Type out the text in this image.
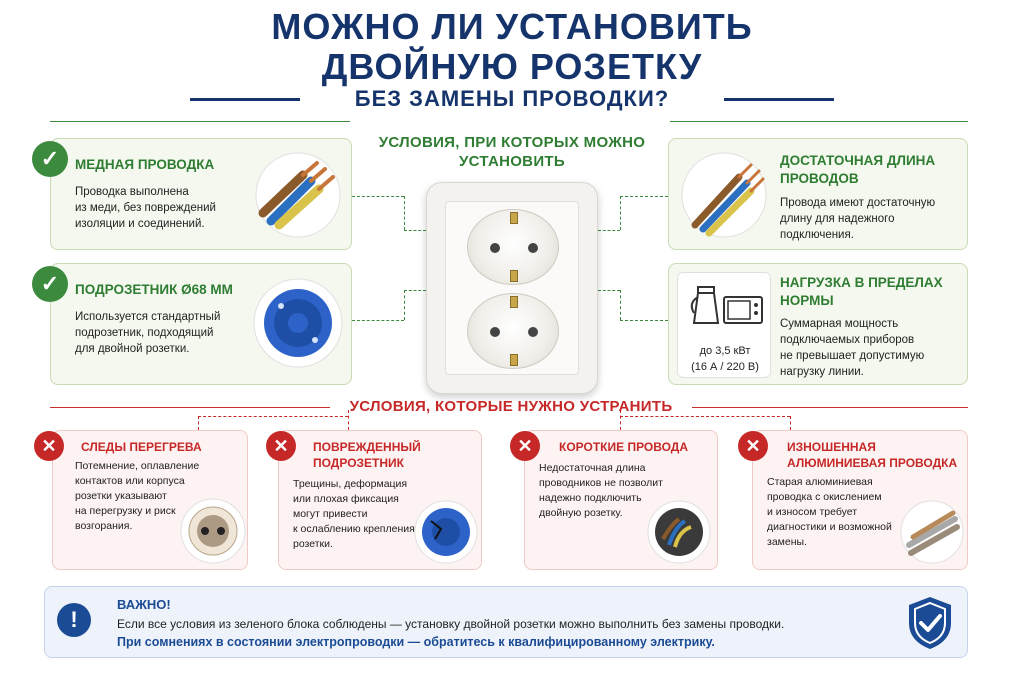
МОЖНО ЛИ УСТАНОВИТЬ
ДВОЙНУЮ РОЗЕТКУ
БЕЗ ЗАМЕНЫ ПРОВОДКИ?
УСЛОВИЯ, ПРИ КОТОРЫХ МОЖНО
УСТАНОВИТЬ
МЕДНАЯ ПРОВОДКА
Проводка выполнена
из меди, без повреждений
изоляции и соединений.
✓
ПОДРОЗЕТНИК Ø68 ММ
Используется стандартный
подрозетник, подходящий
для двойной розетки.
✓
ДОСТАТОЧНАЯ ДЛИНА
ПРОВОДОВ
Провода имеют достаточную
длину для надежного
подключения.
до 3,5 кВт
(16 А / 220 В)
НАГРУЗКА В ПРЕДЕЛАХ
НОРМЫ
Суммарная мощность
подключаемых приборов
не превышает допустимую
нагрузку линии.
УСЛОВИЯ, КОТОРЫЕ НУЖНО УСТРАНИТЬ
СЛЕДЫ ПЕРЕГРЕВА
Потемнение, оплавление
контактов или корпуса
розетки указывают
на перегрузку и риск
возгорания.
✕	ПОВРЕЖДЕННЫЙ
ПОДРОЗЕТНИК
Трещины, деформация
или плохая фиксация
могут привести
к ослаблению крепления
розетки.
✕	КОРОТКИЕ ПРОВОДА
Недостаточная длина
проводников не позволит
надежно подключить
двойную розетку.
✕	ИЗНОШЕННАЯ
АЛЮМИНИЕВАЯ ПРОВОДКА
Старая алюминиевая
проводка с окислением
и износом требует
диагностики и возможной
замены.
✕
!
ВАЖНО!
Если все условия из зеленого блока соблюдены — установку двойной розетки можно выполнить без замены проводки.
При сомнениях в состоянии электропроводки — обратитесь к квалифицированному электрику.
